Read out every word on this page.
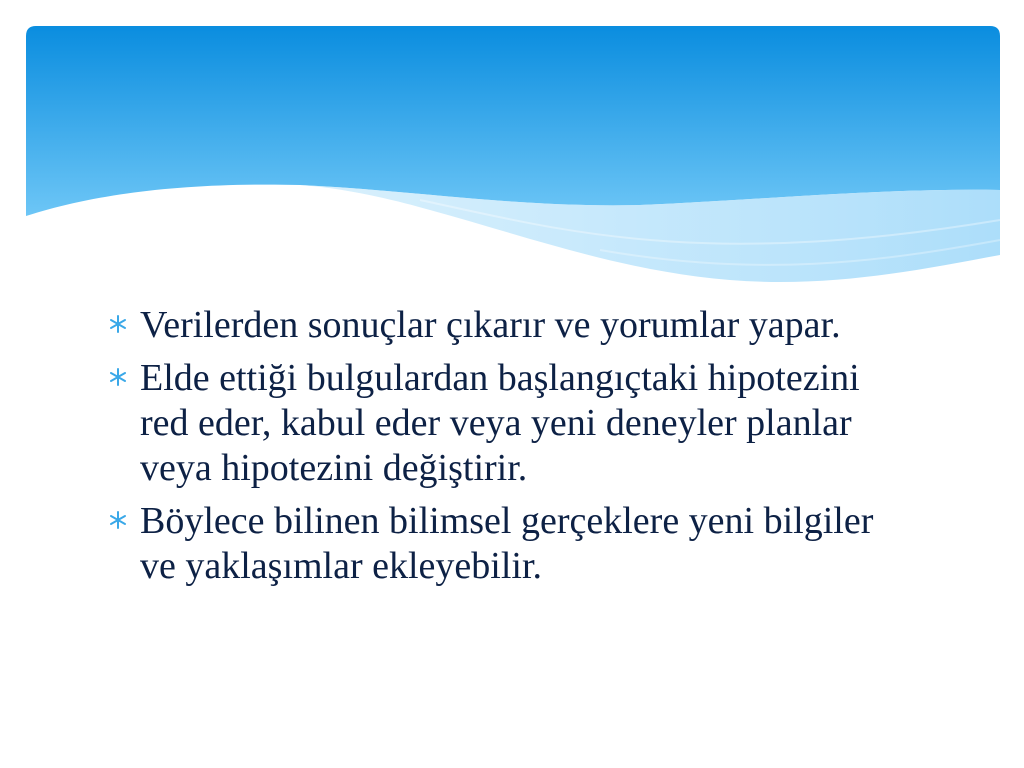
Verilerden sonuçlar çıkarır ve yorumlar yapar.
Elde ettiği bulgulardan başlangıçtaki hipotezini red eder, kabul eder veya yeni deneyler planlar veya hipotezini değiştirir.
Böylece bilinen bilimsel gerçeklere yeni bilgiler ve yaklaşımlar ekleyebilir.
